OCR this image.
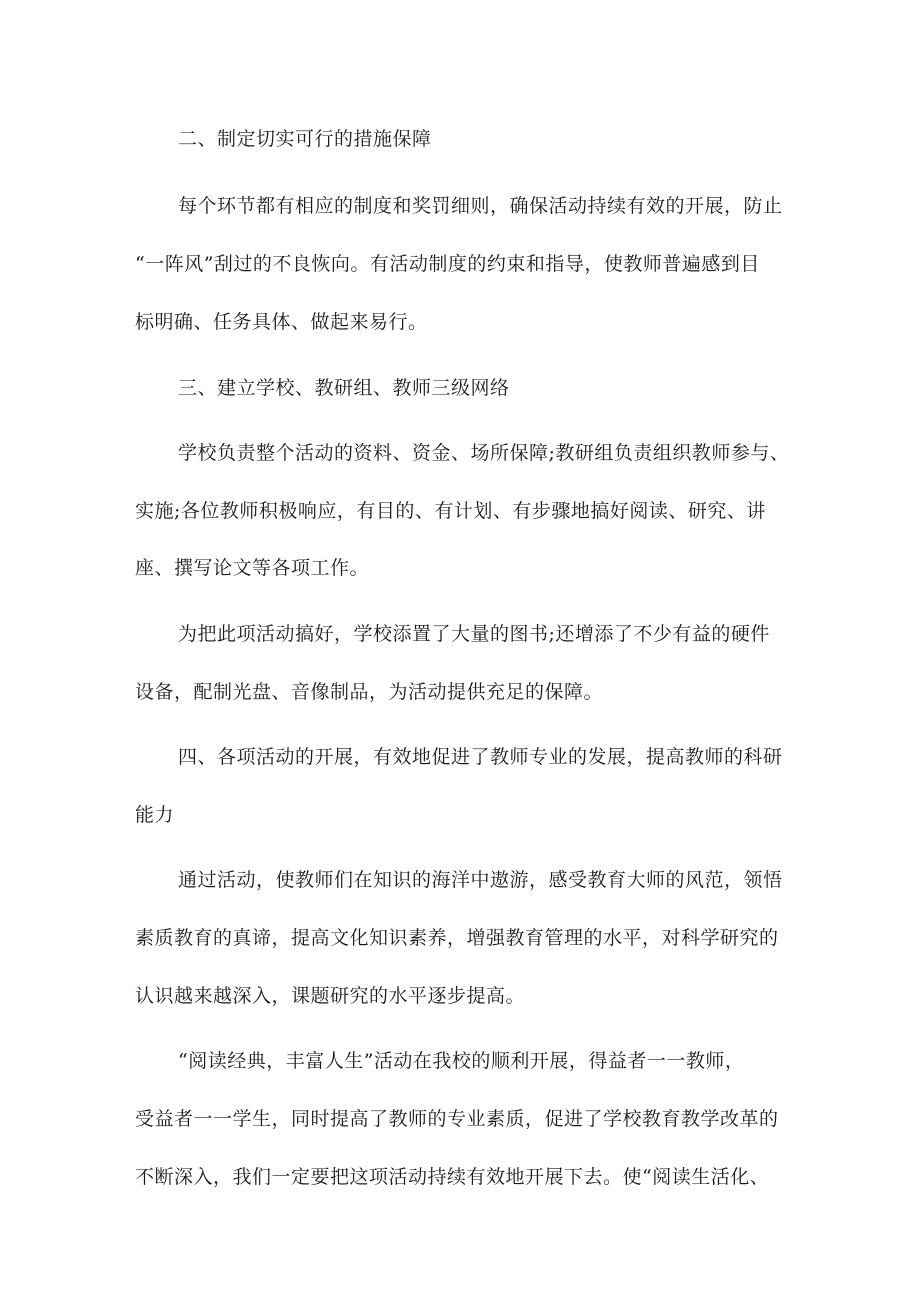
二、制定切实可行的措施保障

每个环节都有相应的制度和奖罚细则，确保活动持续有效的开展，防止

“一阵风”刮过的不良恢向。有活动制度的约束和指导，使教师普遍感到目

标明确、任务具体、做起来易行。

三、建立学校、教研组、教师三级网络

学校负责整个活动的资料、资金、场所保障;教研组负责组织教师参与、

实施;各位教师积极响应，有目的、有计划、有步骤地搞好阅读、研究、讲

座、撰写论文等各项工作。

为把此项活动搞好，学校添置了大量的图书;还增添了不少有益的硬件

设备，配制光盘、音像制品，为活动提供充足的保障。

四、各项活动的开展，有效地促进了教师专业的发展，提高教师的科研

能力

通过活动，使教师们在知识的海洋中遨游，感受教育大师的风范，领悟

素质教育的真谛，提高文化知识素养，增强教育管理的水平，对科学研究的

认识越来越深入，课题研究的水平逐步提高。

“阅读经典，丰富人生”活动在我校的顺利开展，得益者一一教师，

受益者一一学生，同时提高了教师的专业素质，促进了学校教育教学改革的

不断深入，我们一定要把这项活动持续有效地开展下去。使“阅读生活化、
